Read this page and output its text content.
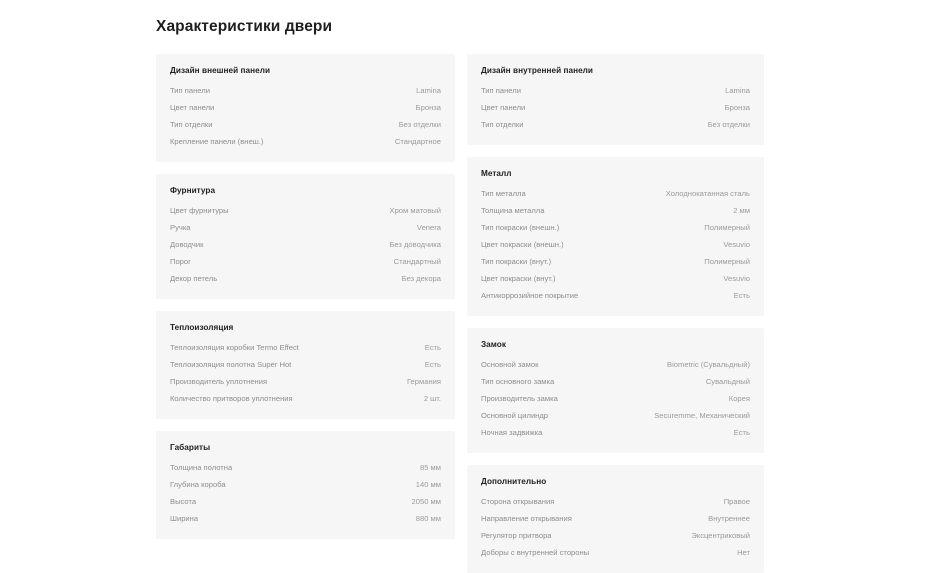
Характеристики двери
Дизайн внешней панели
Тип панели	Lamina
Цвет панели	Бронза
Тип отделки	Без отделки
Крепление панели (внеш.)	Стандартное
Фурнитура
Цвет фурнитуры	Хром матовый
Ручка	Venera
Доводчик	Без доводчика
Порог	Стандартный
Декор петель	Без декора
Теплоизоляция
Теплоизоляция коробки Termo Effect	Есть
Теплоизоляция полотна Super Hot	Есть
Производитель уплотнения	Германия
Количество притворов уплотнения	2 шт.
Габариты
Толщина полотна	85 мм
Глубина короба	140 мм
Высота	2050 мм
Ширина	880 мм
Дизайн внутренней панели
Тип панели	Lamina
Цвет панели	Бронза
Тип отделки	Без отделки
Металл
Тип металла	Холоднокатанная сталь
Толщина металла	2 мм
Тип покраски (внешн.)	Полимерный
Цвет покраски (внешн.)	Vesuvio
Тип покраски (внут.)	Полимерный
Цвет покраски (внут.)	Vesuvio
Антикоррозийное покрытие	Есть
Замок
Основной замок	Biometric (Сувальдный)
Тип основного замка	Сувальдный
Производитель замка	Корея
Основной цилиндр	Securemme, Механический
Ночная задвижка	Есть
Дополнительно
Сторона открывания	Правое
Направление открывания	Внутреннее
Регулятор притвора	Эксцентриковый
Доборы с внутренней стороны	Нет
